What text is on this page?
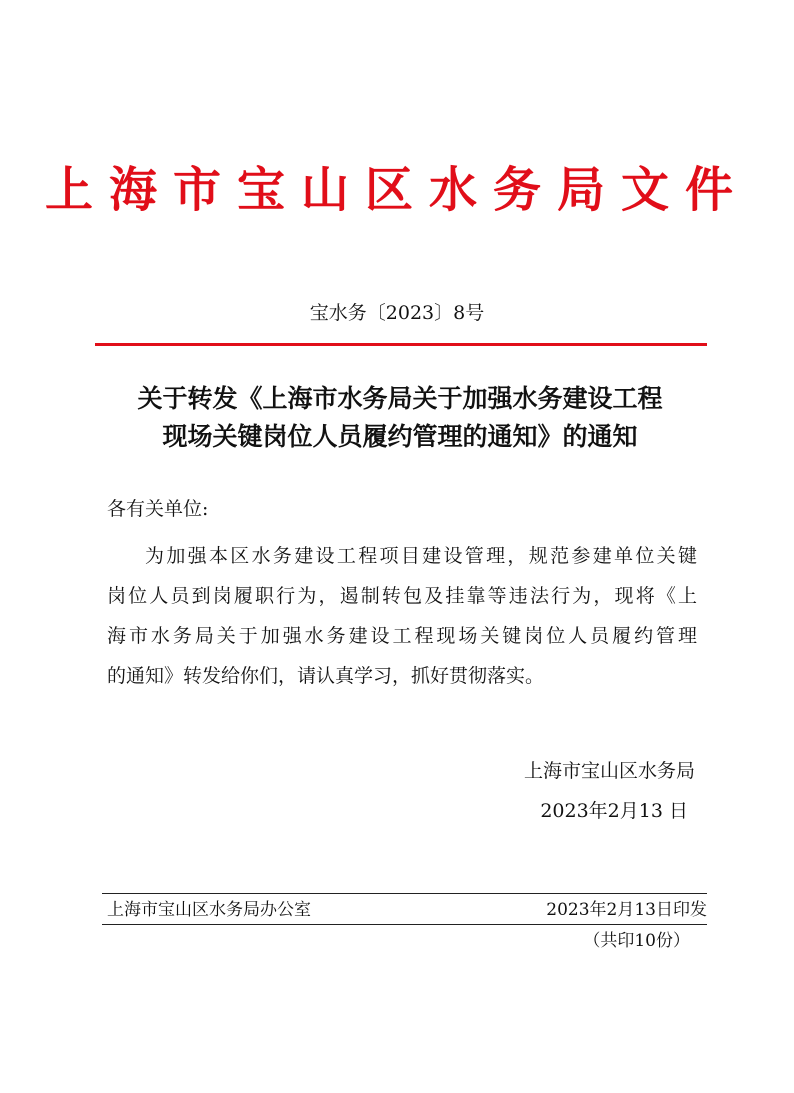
上海市宝山区水务局文件
宝水务〔2023〕8号
关于转发《上海市水务局关于加强水务建设工程
现场关键岗位人员履约管理的通知》的通知
各有关单位:
为加强本区水务建设工程项目建设管理，规范参建单位关键
岗位人员到岗履职行为，遏制转包及挂靠等违法行为，现将《上
海市水务局关于加强水务建设工程现场关键岗位人员履约管理
的通知》转发给你们，请认真学习，抓好贯彻落实。
上海市宝山区水务局
2023年2月13 日
上海市宝山区水务局办公室	2023年2月13日印发
（共印10份）
